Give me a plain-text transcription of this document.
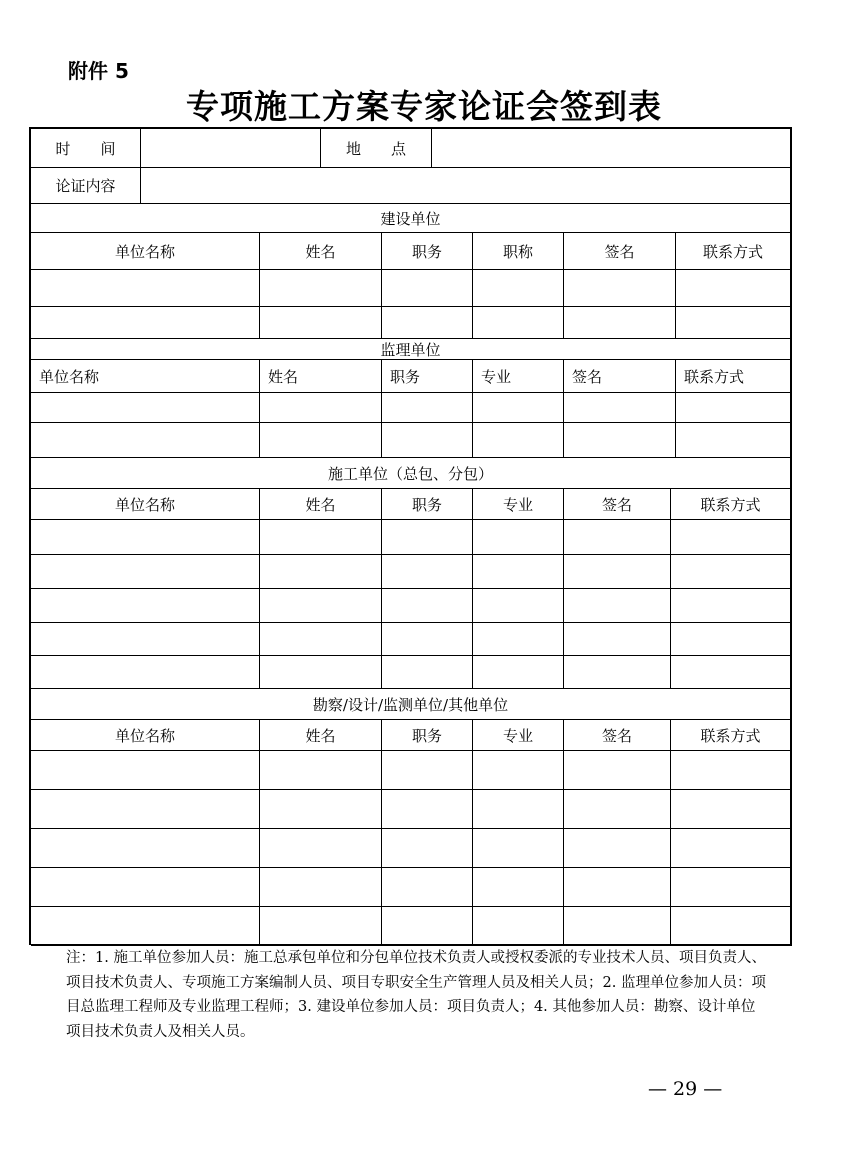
附件 5
专项施工方案专家论证会签到表
时　　间	地　　点
论证内容
建设单位
单位名称	姓名	职务	职称	签名	联系方式
监理单位
单位名称	姓名	职务	专业	签名	联系方式
施工单位（总包、分包）
单位名称	姓名	职务	专业	签名	联系方式
勘察/设计/监测单位/其他单位
单位名称	姓名	职务	专业	签名	联系方式
注：1. 施工单位参加人员：施工总承包单位和分包单位技术负责人或授权委派的专业技术人员、项目负责人、项目技术负责人、专项施工方案编制人员、项目专职安全生产管理人员及相关人员；2. 监理单位参加人员：项目总监理工程师及专业监理工程师；3. 建设单位参加人员：项目负责人；4. 其他参加人员：勘察、设计单位项目技术负责人及相关人员。
— 29 —
